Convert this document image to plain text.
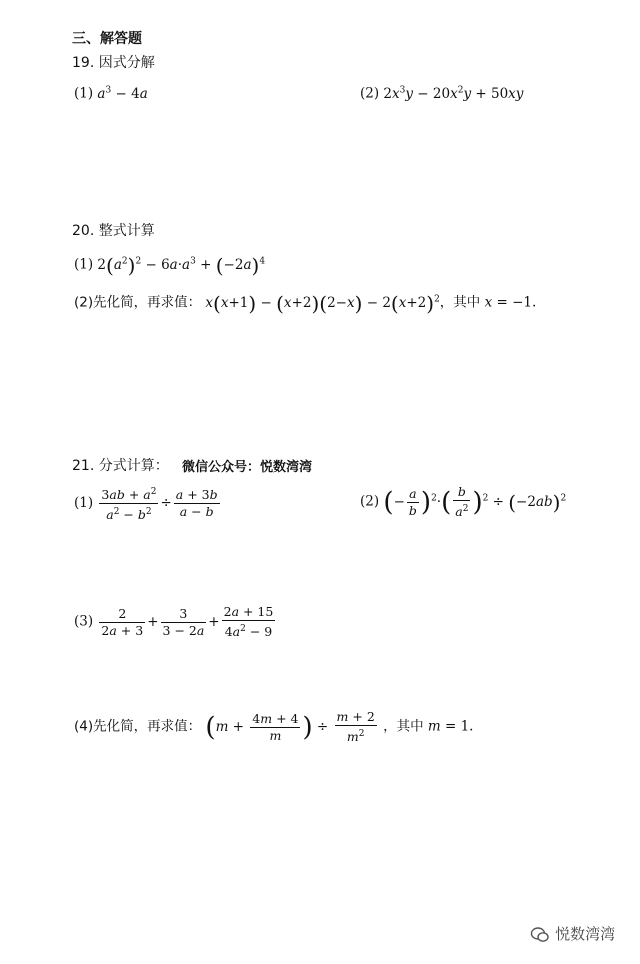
三、解答题
19. 因式分解
(1) $a^3 - 4a$	(2) $2x^3y - 20x^2y + 50xy$
20. 整式计算
(1) $2(a^2)^2 - 6a\cdot a^3 + (-2a)^4$
(2)先化简，再求值： $x(x+1) - (x+2)(2-x) - 2(x+2)^2$，其中 x = −1.
21. 分式计算： 微信公众号：悦数湾湾
$(1) \frac{3ab + a^2}{a^2 - b^2} \div \frac{a + 3b}{a - b}$	(2) (− $\frac{a}{b} )^2\cdot( \frac{b}{a^2} )^2 \div (-2ab)^2$
$(3) \frac{2}{2a + 3} + \frac{3}{3 - 2a} + \frac{2a + 15}{4a^2 - 9}$
(4)先化简，再求值： ($m + \frac{4m + 4}{m}$ ) ÷ $\frac{m + 2}{m^2}$ ，其中 m = 1.
悦数湾湾
